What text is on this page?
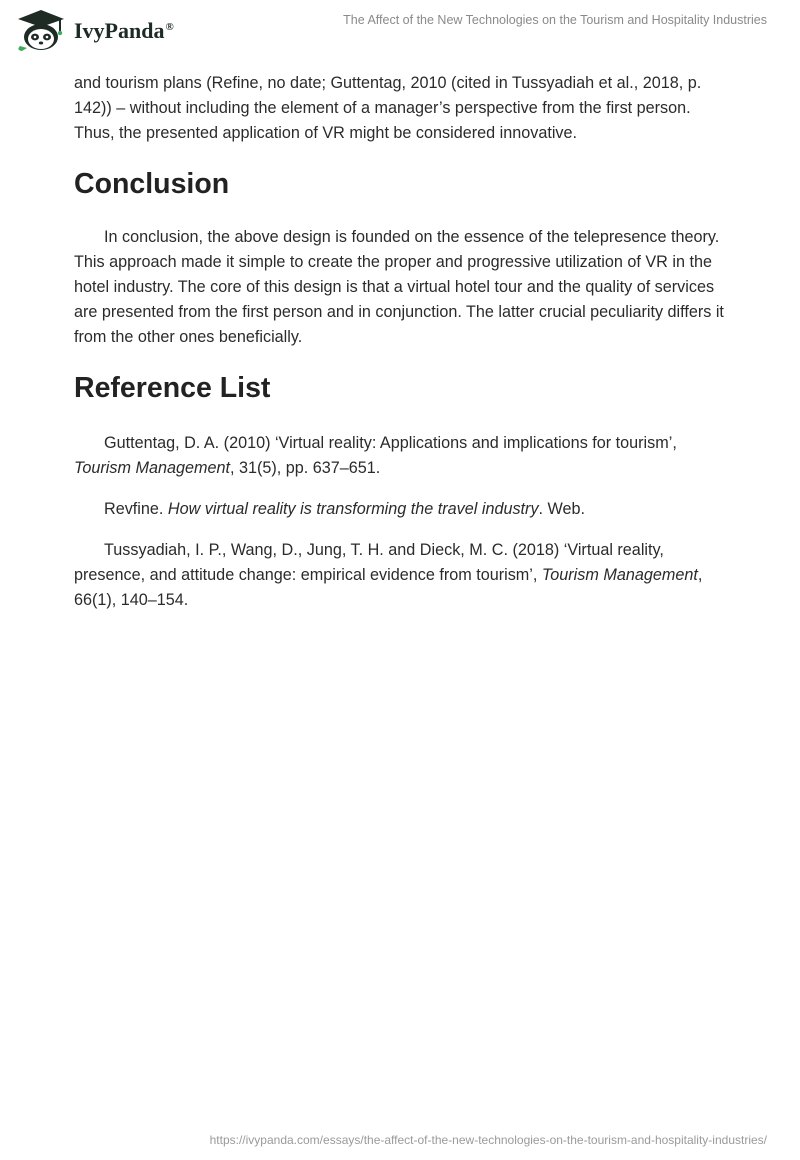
IvyPanda®	The Affect of the New Technologies on the Tourism and Hospitality Industries

and tourism plans (Refine, no date; Guttentag, 2010 (cited in Tussyadiah et al., 2018, p. 142)) – without including the element of a manager’s perspective from the first person. Thus, the presented application of VR might be considered innovative.

Conclusion

In conclusion, the above design is founded on the essence of the telepresence theory. This approach made it simple to create the proper and progressive utilization of VR in the hotel industry. The core of this design is that a virtual hotel tour and the quality of services are presented from the first person and in conjunction. The latter crucial peculiarity differs it from the other ones beneficially.

Reference List

Guttentag, D. A. (2010) ‘Virtual reality: Applications and implications for tourism’, Tourism Management, 31(5), pp. 637–651.

Revfine. How virtual reality is transforming the travel industry. Web.

Tussyadiah, I. P., Wang, D., Jung, T. H. and Dieck, M. C. (2018) ‘Virtual reality, presence, and attitude change: empirical evidence from tourism’, Tourism Management, 66(1), 140–154.

https://ivypanda.com/essays/the-affect-of-the-new-technologies-on-the-tourism-and-hospitality-industries/
